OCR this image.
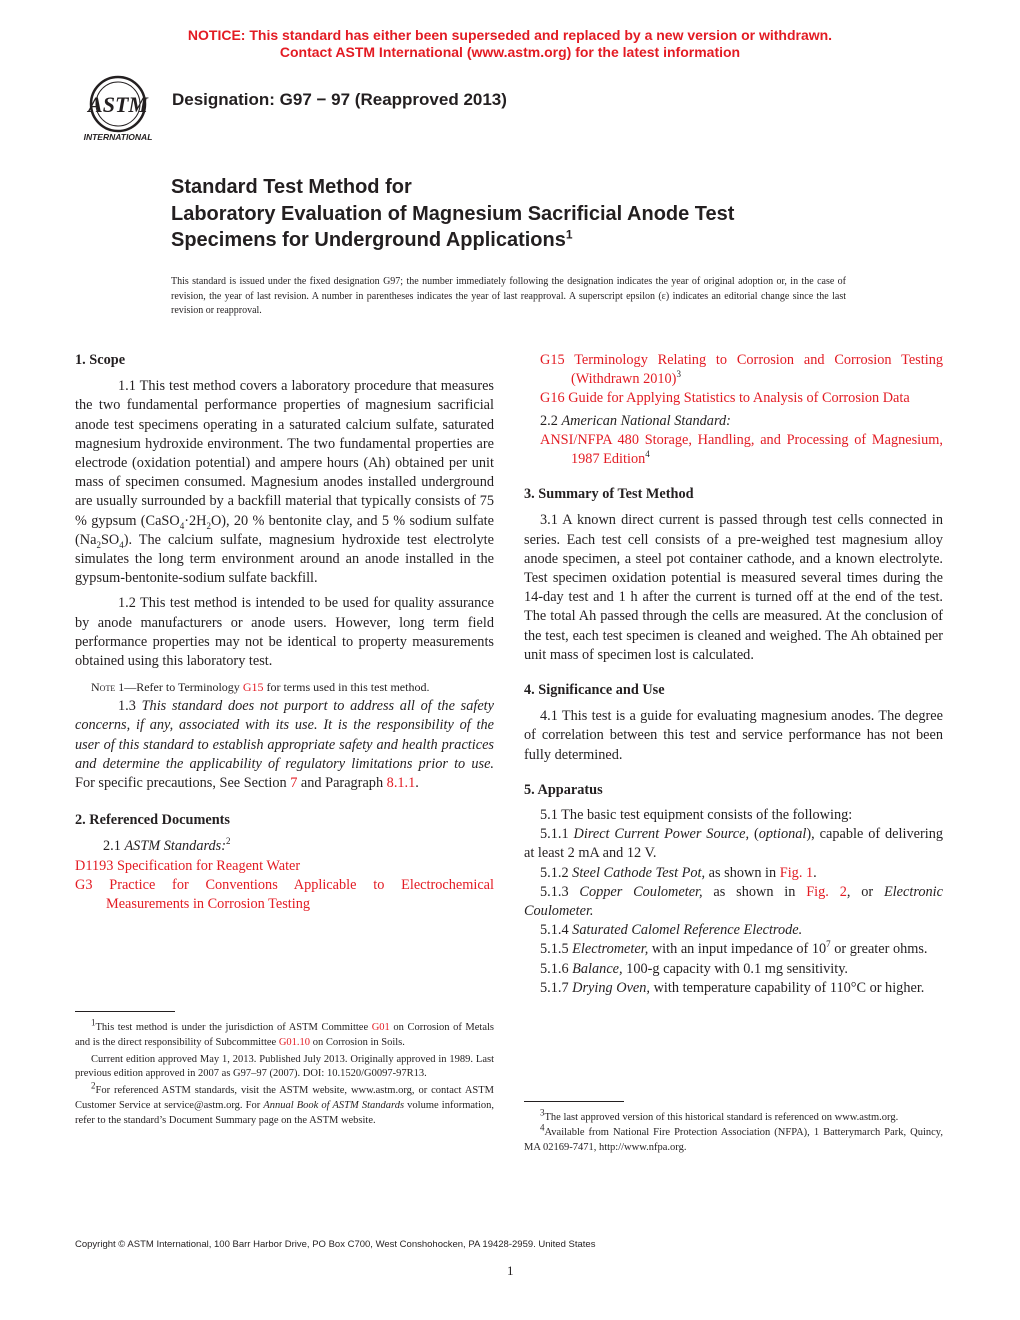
NOTICE: This standard has either been superseded and replaced by a new version or withdrawn.
Contact ASTM International (www.astm.org) for the latest information
ASTM
INTERNATIONAL
Designation: G97 − 97 (Reapproved 2013)
Standard Test Method for
Laboratory Evaluation of Magnesium Sacrificial Anode Test
Specimens for Underground Applications$^1$
This standard is issued under the fixed designation G97; the number immediately following the designation indicates the year of original adoption or, in the case of revision, the year of last revision. A number in parentheses indicates the year of last reapproval. A superscript epsilon (ε) indicates an editorial change since the last revision or reapproval.

1. Scope

1.1 This test method covers a laboratory procedure that measures the two fundamental performance properties of magnesium sacrificial anode test specimens operating in a saturated calcium sulfate, saturated magnesium hydroxide environment. The two fundamental properties are electrode (oxidation potential) and ampere hours (Ah) obtained per unit mass of specimen consumed. Magnesium anodes installed underground are usually surrounded by a backfill material that typically consists of 75 % gypsum $(CaSO_4\cdot 2H_2O)$, 20 % bentonite clay, and 5 % sodium sulfate $(Na_2SO_4)$. The calcium sulfate, magnesium hydroxide test electrolyte simulates the long term environment around an anode installed in the gypsum-bentonite-sodium sulfate backfill.

1.2 This test method is intended to be used for quality assurance by anode manufacturers or anode users. However, long term field performance properties may not be identical to property measurements obtained using this laboratory test.

Note 1—Refer to Terminology G15 for terms used in this test method.

1.3 This standard does not purport to address all of the safety concerns, if any, associated with its use. It is the responsibility of the user of this standard to establish appropriate safety and health practices and determine the applicability of regulatory limitations prior to use. For specific precautions, See Section 7 and Paragraph 8.1.1.

2. Referenced Documents

2.1 ASTM Standards:$^2$

D1193 Specification for Reagent Water

G3 Practice for Conventions Applicable to Electrochemical Measurements in Corrosion Testing

G15 Terminology Relating to Corrosion and Corrosion Testing (Withdrawn 2010)$^3$

G16 Guide for Applying Statistics to Analysis of Corrosion Data

2.2 American National Standard:

ANSI/NFPA 480 Storage, Handling, and Processing of Magnesium, 1987 Edition$^4$

3. Summary of Test Method

3.1 A known direct current is passed through test cells connected in series. Each test cell consists of a pre-weighed test magnesium alloy anode specimen, a steel pot container cathode, and a known electrolyte. Test specimen oxidation potential is measured several times during the 14-day test and 1 h after the current is turned off at the end of the test. The total Ah passed through the cells are measured. At the conclusion of the test, each test specimen is cleaned and weighed. The Ah obtained per unit mass of specimen lost is calculated.

4. Significance and Use

4.1 This test is a guide for evaluating magnesium anodes. The degree of correlation between this test and service performance has not been fully determined.

5. Apparatus

5.1 The basic test equipment consists of the following:

5.1.1 Direct Current Power Source, (optional), capable of delivering at least 2 mA and 12 V.

5.1.2 Steel Cathode Test Pot, as shown in Fig. 1.

5.1.3 Copper Coulometer, as shown in Fig. 2, or Electronic Coulometer.

5.1.4 Saturated Calomel Reference Electrode.

5.1.5 Electrometer, with an input impedance of $10^7$ or greater ohms.

5.1.6 Balance, 100-g capacity with 0.1 mg sensitivity.

5.1.7 Drying Oven, with temperature capability of 110°C or higher.

$^1$This test method is under the jurisdiction of ASTM Committee G01 on Corrosion of Metals and is the direct responsibility of Subcommittee G01.10 on Corrosion in Soils.

Current edition approved May 1, 2013. Published July 2013. Originally approved in 1989. Last previous edition approved in 2007 as G97–97 (2007). DOI: 10.1520/G0097-97R13.

$^2$For referenced ASTM standards, visit the ASTM website, www.astm.org, or contact ASTM Customer Service at service@astm.org. For Annual Book of ASTM Standards volume information, refer to the standard’s Document Summary page on the ASTM website.

$^3$The last approved version of this historical standard is referenced on www.astm.org.

$^4$Available from National Fire Protection Association (NFPA), 1 Batterymarch Park, Quincy, MA 02169-7471, http://www.nfpa.org.

Copyright © ASTM International, 100 Barr Harbor Drive, PO Box C700, West Conshohocken, PA 19428-2959. United States
1
